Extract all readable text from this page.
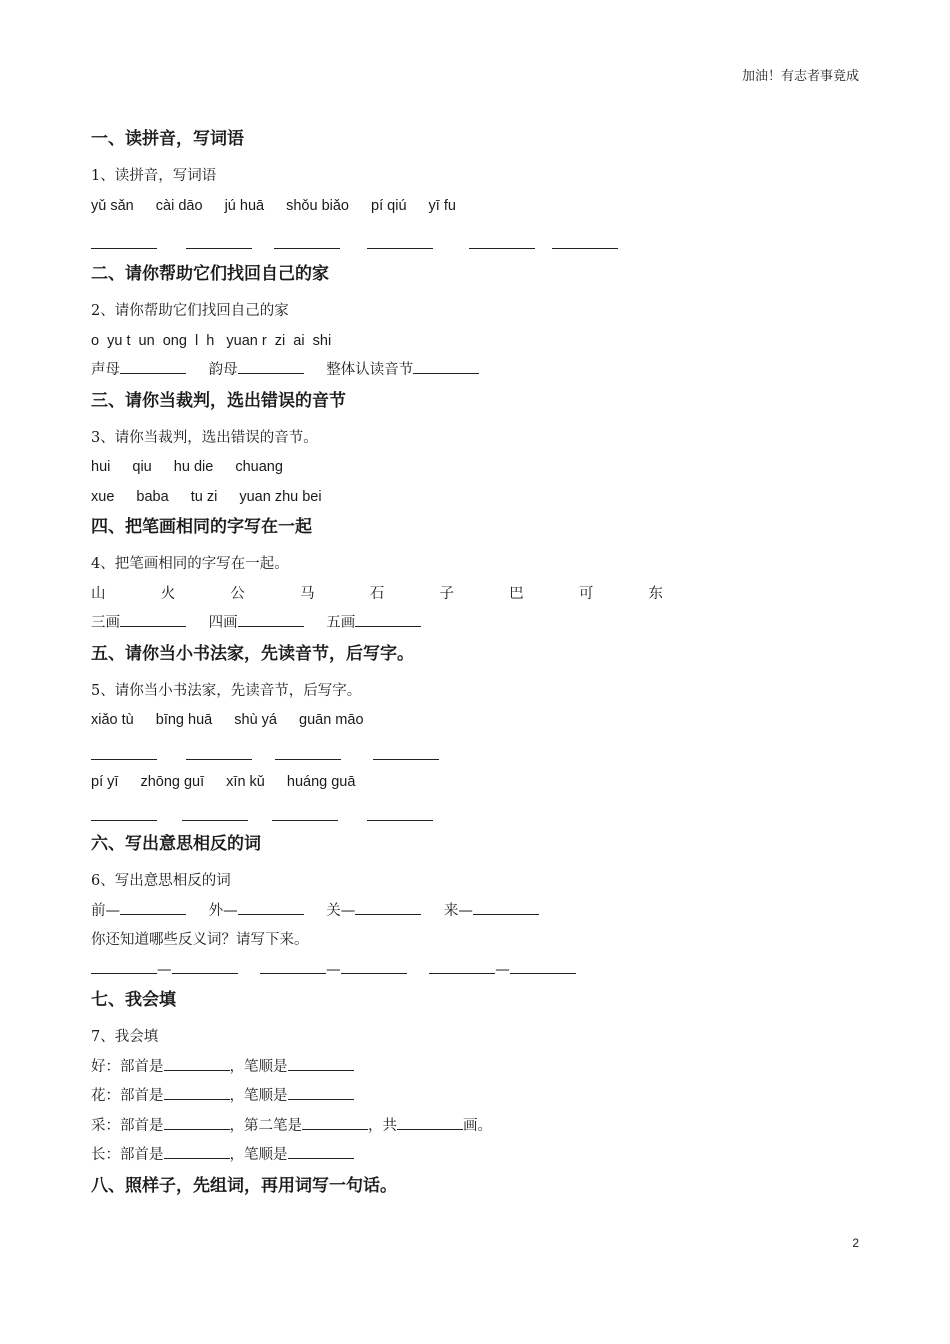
加油！有志者事竟成
一、读拼音，写词语
1、读拼音，写词语
yǔ sǎn cài dāo jú huā shǒu biǎo pí qiú yī fu

二、请你帮助它们找回自己的家
2、请你帮助它们找回自己的家
o  yu t  un  ong  l  h   yuan r  zi  ai  shi
声母	韵母	整体认读音节
三、请你当裁判，选出错误的音节
3、请你当裁判，选出错误的音节。
hui qiu hu die chuang
xue baba tu zi yuan zhu bei
四、把笔画相同的字写在一起
4、把笔画相同的字写在一起。
山	火	公	马	石	子	巴	可	东
三画	四画	五画
五、请你当小书法家，先读音节，后写字。
5、请你当小书法家，先读音节，后写字。
xiǎo tù bīng huā shù yá guān māo

pí yī zhōng guī xīn kǔ huáng guā

六、写出意思相反的词
6、写出意思相反的词
前—	外—	关—	来—
你还知道哪些反义词？请写下来。
—	—	—
七、我会填
7、我会填
好：部首是	，笔顺是
花：部首是	，笔顺是
采：部首是	，第二笔是	，共	画。
长：部首是	，笔顺是
八、照样子，先组词，再用词写一句话。
2
